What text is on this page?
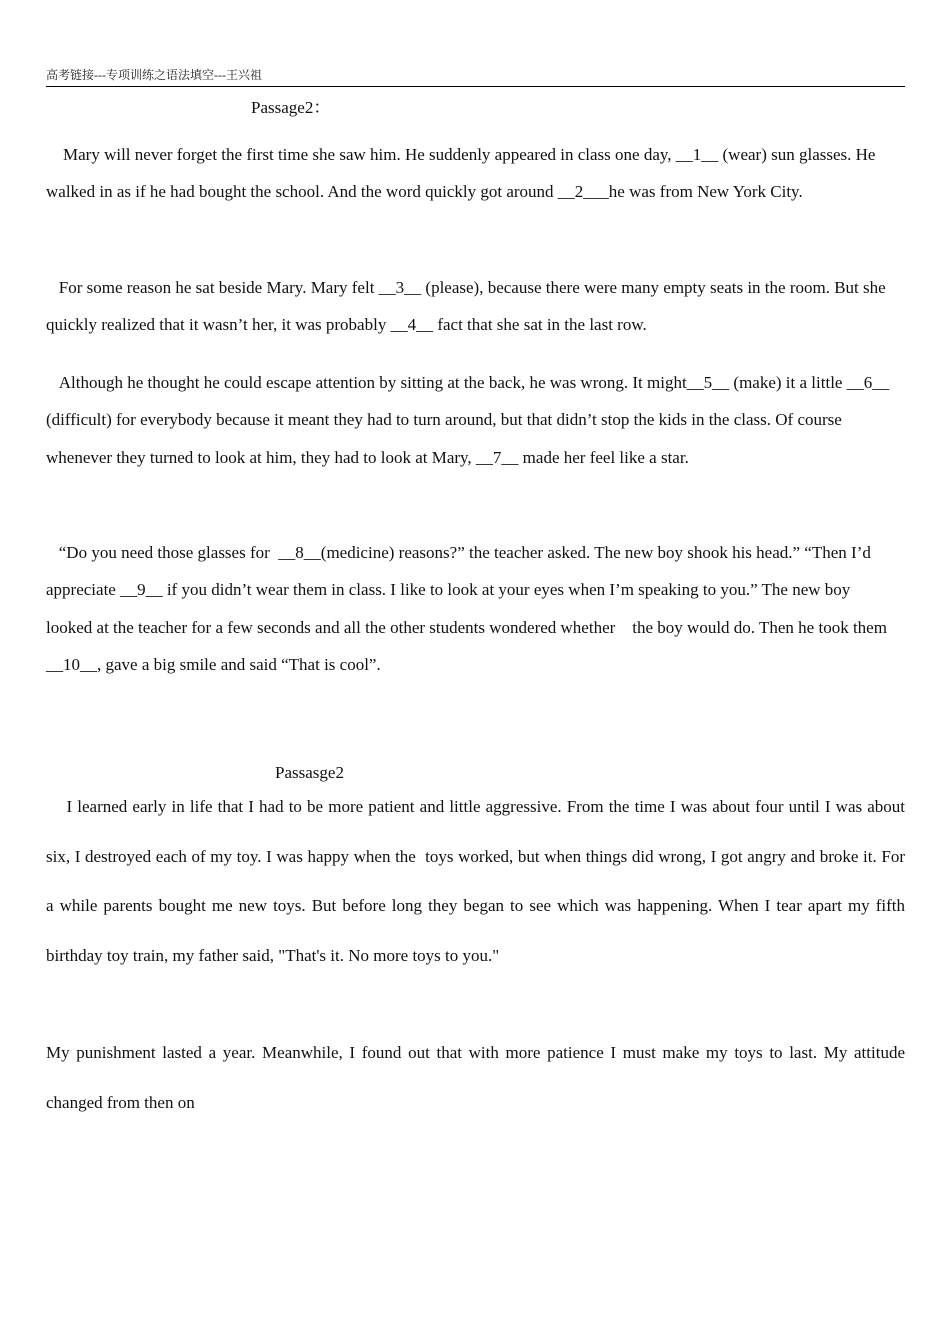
高考链接---专项训练之语法填空---王兴祖
Passage2：

Mary will never forget the first time she saw him. He suddenly appeared in class one day, __1__ (wear) sun glasses. He walked in as if he had bought the school. And the word quickly got around __2___he was from New York City.

For some reason he sat beside Mary. Mary felt __3__ (please), because there were many empty seats in the room. But she quickly realized that it wasn’t her, it was probably __4__ fact that she sat in the last row.

Although he thought he could escape attention by sitting at the back, he was wrong. It might__5__ (make) it a little __6__ (difficult) for everybody because it meant they had to turn around, but that didn’t stop the kids in the class. Of course whenever they turned to look at him, they had to look at Mary, __7__ made her feel like a star.

“Do you need those glasses for  __8__(medicine) reasons?” the teacher asked. The new boy shook his head.” “Then I’d appreciate __9__ if you didn’t wear them in class. I like to look at your eyes when I’m speaking to you.” The new boy looked at the teacher for a few seconds and all the other students wondered whether    the boy would do. Then he took them __10__, gave a big smile and said “That is cool”.

Passasge2

I learned early in life that I had to be more patient and little aggressive. From the time I was about four until I was about six, I destroyed each of my toy. I was happy when the  toys worked, but when things did wrong, I got angry and broke it. For a while parents bought me new toys. But before long they began to see which was happening. When I tear apart my fifth birthday toy train, my father said, "That's it. No more toys to you."

My punishment lasted a year. Meanwhile, I found out that with more patience I must make my toys to last. My attitude changed from then on
